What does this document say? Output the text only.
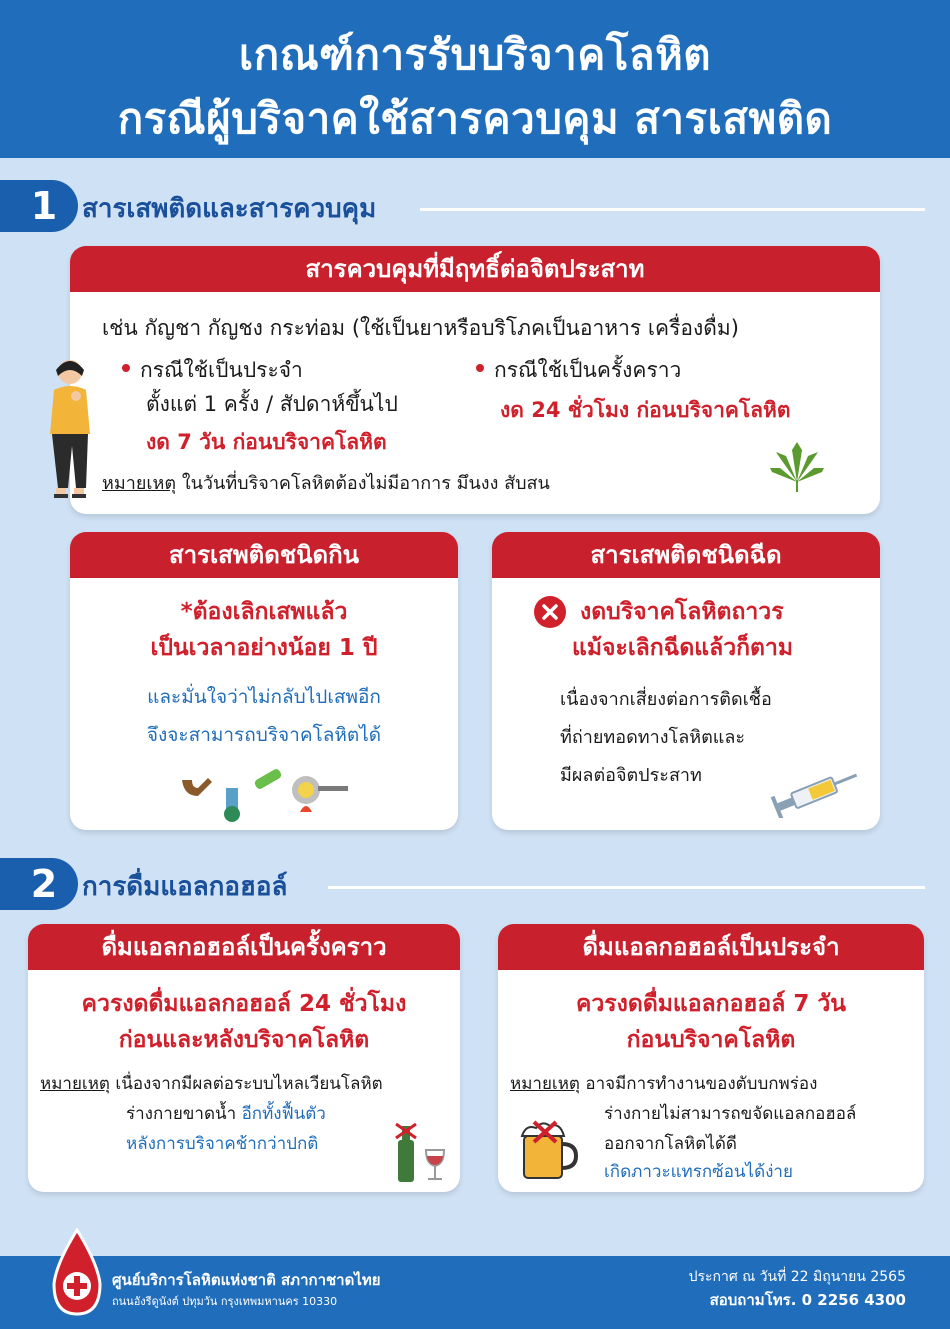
เกณฑ์การรับบริจาคโลหิต
กรณีผู้บริจาคใช้สารควบคุม สารเสพติด
1 สารเสพติดและสารควบคุม
สารควบคุมที่มีฤทธิ์ต่อจิตประสาท
เช่น กัญชา กัญชง กระท่อม (ใช้เป็นยาหรือบริโภคเป็นอาหาร เครื่องดื่ม)
กรณีใช้เป็นประจำ
ตั้งแต่ 1 ครั้ง / สัปดาห์ขึ้นไป
งด 7 วัน ก่อนบริจาคโลหิต
กรณีใช้เป็นครั้งคราว
งด 24 ชั่วโมง ก่อนบริจาคโลหิต
หมายเหตุ ในวันที่บริจาคโลหิตต้องไม่มีอาการ มึนงง สับสน
สารเสพติดชนิดกิน
*ต้องเลิกเสพแล้ว
เป็นเวลาอย่างน้อย 1 ปี
และมั่นใจว่าไม่กลับไปเสพอีก
จึงจะสามารถบริจาคโลหิตได้
สารเสพติดชนิดฉีด
งดบริจาคโลหิตถาวร
แม้จะเลิกฉีดแล้วก็ตาม
เนื่องจากเสี่ยงต่อการติดเชื้อ
ที่ถ่ายทอดทางโลหิตและ
มีผลต่อจิตประสาท
2 การดื่มแอลกอฮอล์
ดื่มแอลกอฮอล์เป็นครั้งคราว
ควรงดดื่มแอลกอฮอล์ 24 ชั่วโมง
ก่อนและหลังบริจาคโลหิต
หมายเหตุ เนื่องจากมีผลต่อระบบไหลเวียนโลหิต
ร่างกายขาดน้ำ อีกทั้งฟื้นตัว
หลังการบริจาคช้ากว่าปกติ
ดื่มแอลกอฮอล์เป็นประจำ
ควรงดดื่มแอลกอฮอล์ 7 วัน
ก่อนบริจาคโลหิต
หมายเหตุ อาจมีการทำงานของตับบกพร่อง
ร่างกายไม่สามารถขจัดแอลกอฮอล์
ออกจากโลหิตได้ดี
เกิดภาวะแทรกซ้อนได้ง่าย
ศูนย์บริการโลหิตแห่งชาติ สภากาชาดไทย
ถนนอังรีดูนังต์ ปทุมวัน กรุงเทพมหานคร 10330
ประกาศ ณ วันที่ 22 มิถุนายน 2565
สอบถามโทร. 0 2256 4300
